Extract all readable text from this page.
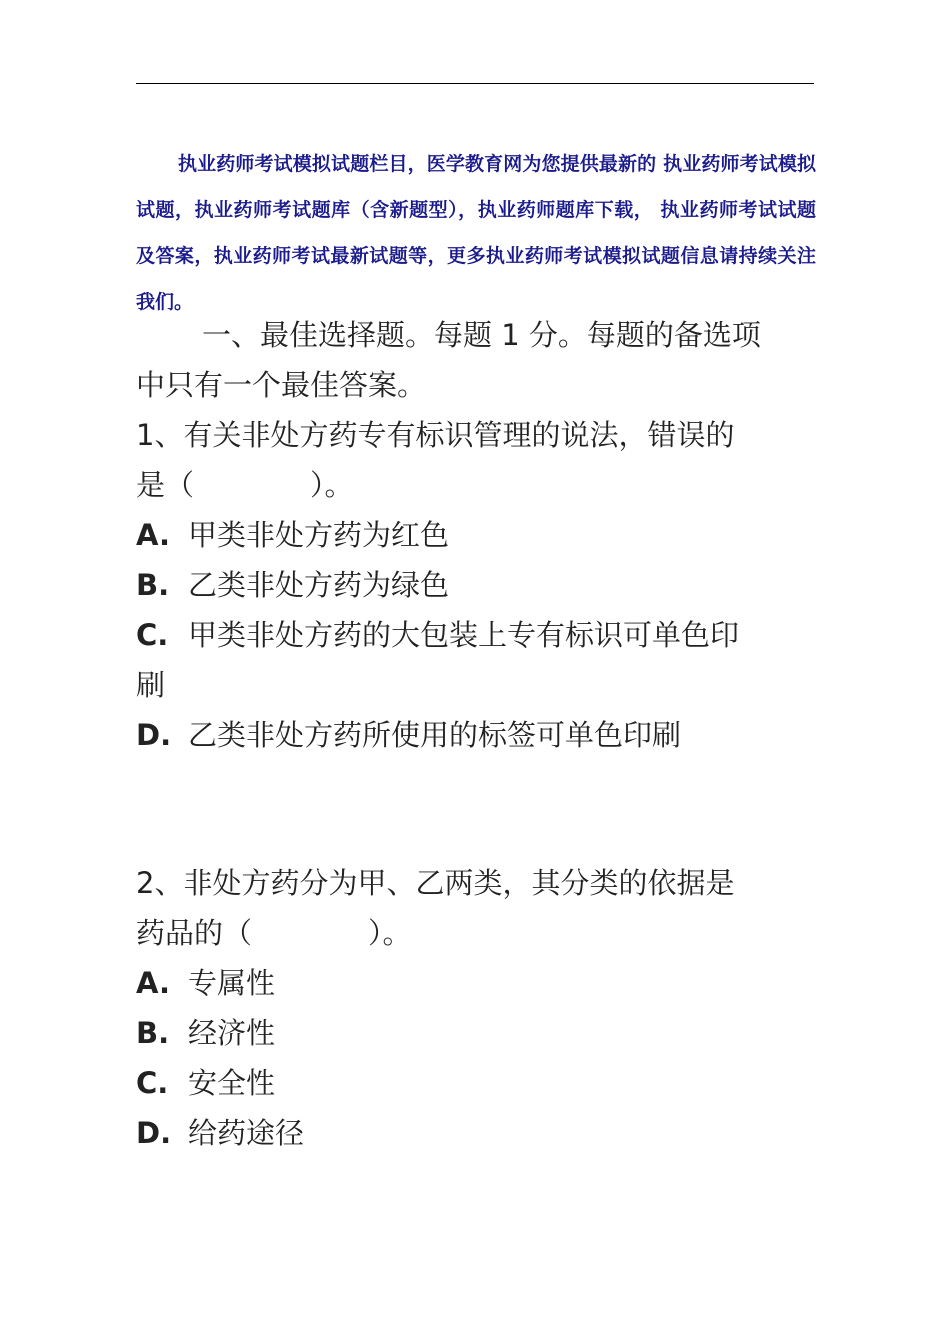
执业药师考试模拟试题栏目，医学教育网为您提供最新的 执业药师考试模拟试题，执业药师考试题库（含新题型），执业药师题库下载， 执业药师考试试题及答案，执业药师考试最新试题等，更多执业药师考试模拟试题信息请持续关注我们。
一、最佳选择题。每题 1 分。每题的备选项
中只有一个最佳答案。
1、有关非处方药专有标识管理的说法，错误的
是（　　　　）。
A. 甲类非处方药为红色
B. 乙类非处方药为绿色
C. 甲类非处方药的大包装上专有标识可单色印
刷
D. 乙类非处方药所使用的标签可单色印刷
2、非处方药分为甲、乙两类，其分类的依据是
药品的（　　　　）。
A. 专属性
B. 经济性
C. 安全性
D. 给药途径
